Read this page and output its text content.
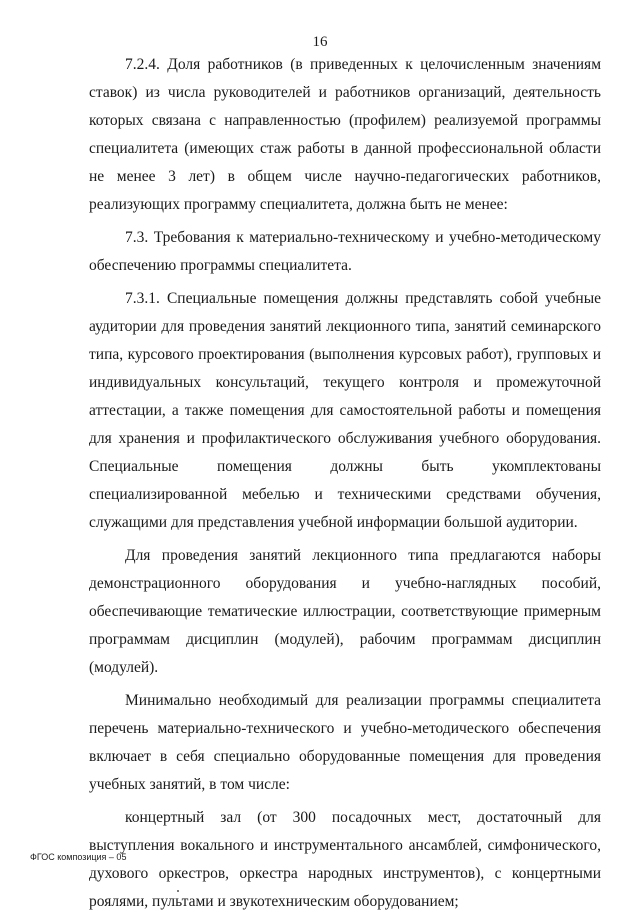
16

7.2.4. Доля работников (в приведенных к целочисленным значениям ставок) из числа руководителей и работников организаций, деятельность которых связана с направленностью (профилем) реализуемой программы специалитета (имеющих стаж работы в данной профессиональной области не менее 3 лет) в общем числе научно-педагогических работников, реализующих программу специалитета, должна быть не менее:

7.3. Требования к материально-техническому и учебно-методическому обеспечению программы специалитета.

7.3.1. Специальные помещения должны представлять собой учебные аудитории для проведения занятий лекционного типа, занятий семинарского типа, курсового проектирования (выполнения курсовых работ), групповых и индивидуальных консультаций, текущего контроля и промежуточной аттестации, а также помещения для самостоятельной работы и помещения для хранения и профилактического обслуживания учебного оборудования. Специальные помещения должны быть укомплектованы специализированной мебелью и техническими средствами обучения, служащими для представления учебной информации большой аудитории.

Для проведения занятий лекционного типа предлагаются наборы демонстрационного оборудования и учебно-наглядных пособий, обеспечивающие тематические иллюстрации, соответствующие примерным программам дисциплин (модулей), рабочим программам дисциплин (модулей).

Минимально необходимый для реализации программы специалитета перечень материально-технического и учебно-методического обеспечения включает в себя специально оборудованные помещения для проведения учебных занятий, в том числе:

концертный зал (от 300 посадочных мест, достаточный для выступления вокального и инструментального ансамблей, симфонического, духового оркестров, оркестра народных инструментов), с концертными роялями, пультами и звукотехническим оборудованием;

ФГОС композиция – 05
